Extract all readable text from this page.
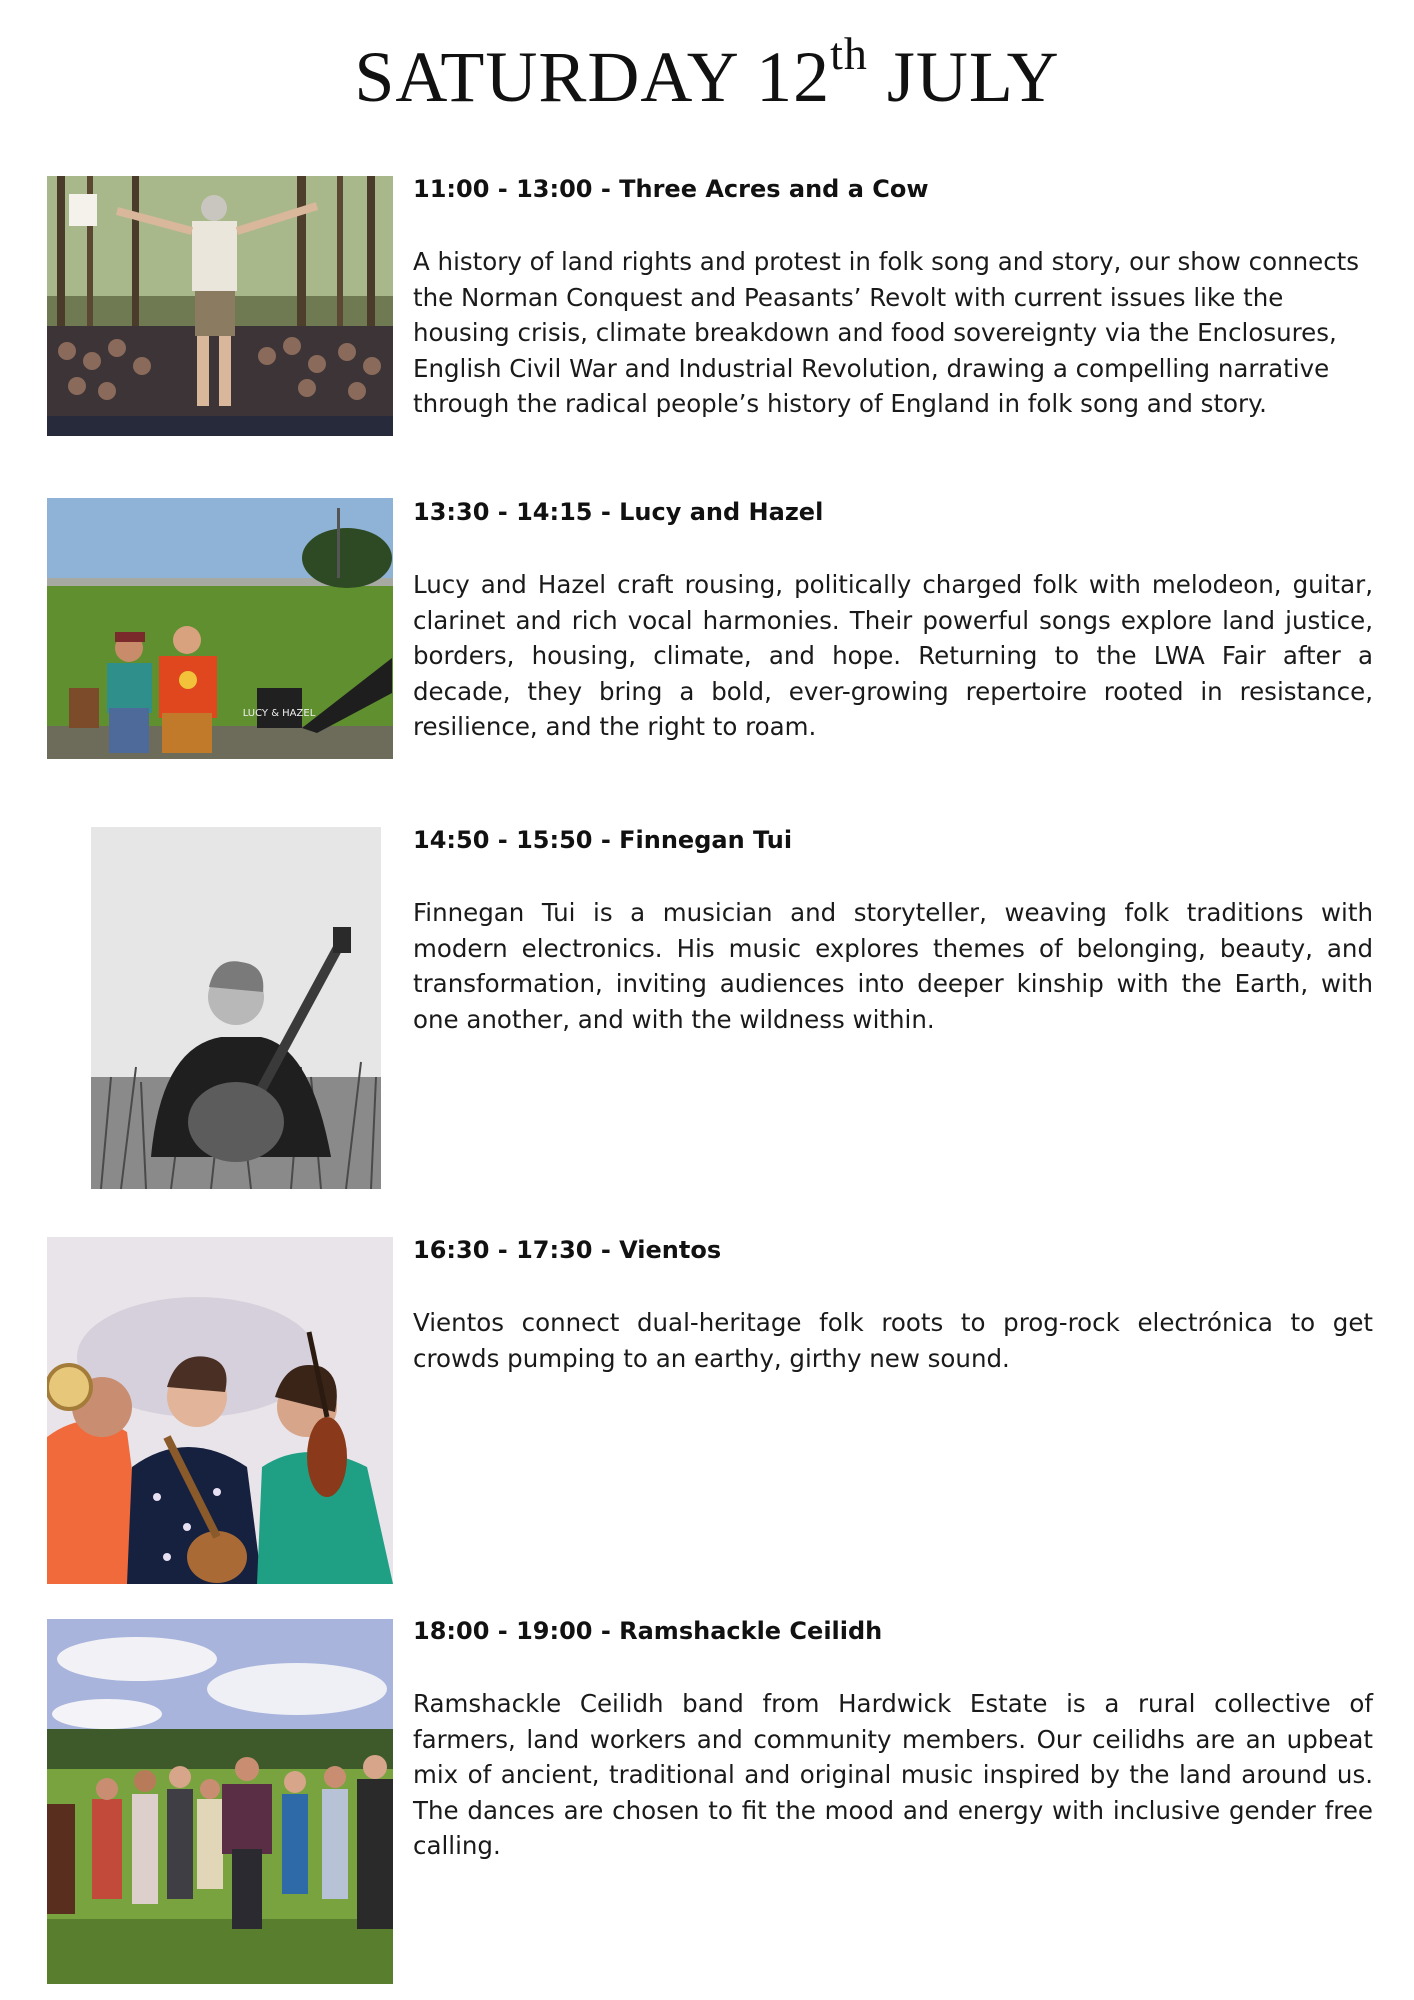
SATURDAY 12th JULY
11:00 - 13:00 - Three Acres and a Cow

A history of land rights and protest in folk song and story, our show connects the Norman Conquest and Peasants’ Revolt with current issues like the housing crisis, climate breakdown and food sovereignty via the Enclosures, English Civil War and Industrial Revolution, drawing a compelling narrative through the radical people’s history of England in folk song and story.

LUCY & HAZEL
13:30 - 14:15 - Lucy and Hazel

Lucy and Hazel craft rousing, politically charged folk with melodeon, guitar, clarinet and rich vocal harmonies. Their powerful songs explore land justice, borders, housing, climate, and hope. Returning to the LWA Fair after a decade, they bring a bold, ever-growing repertoire rooted in resistance, resilience, and the right to roam.

14:50 - 15:50 - Finnegan Tui

Finnegan Tui is a musician and storyteller, weaving folk traditions with modern electronics. His music explores themes of belonging, beauty, and transformation, inviting audiences into deeper kinship with the Earth, with one another, and with the wildness within.

16:30 - 17:30 - Vientos

Vientos connect dual-heritage folk roots to prog-rock electrónica to get crowds pumping to an earthy, girthy new sound.

18:00 - 19:00 - Ramshackle Ceilidh

Ramshackle Ceilidh band from Hardwick Estate is a rural collective of farmers, land workers and community members. Our ceilidhs are an upbeat mix of ancient, traditional and original music inspired by the land around us. The dances are chosen to fit the mood and energy with inclusive gender free calling.
